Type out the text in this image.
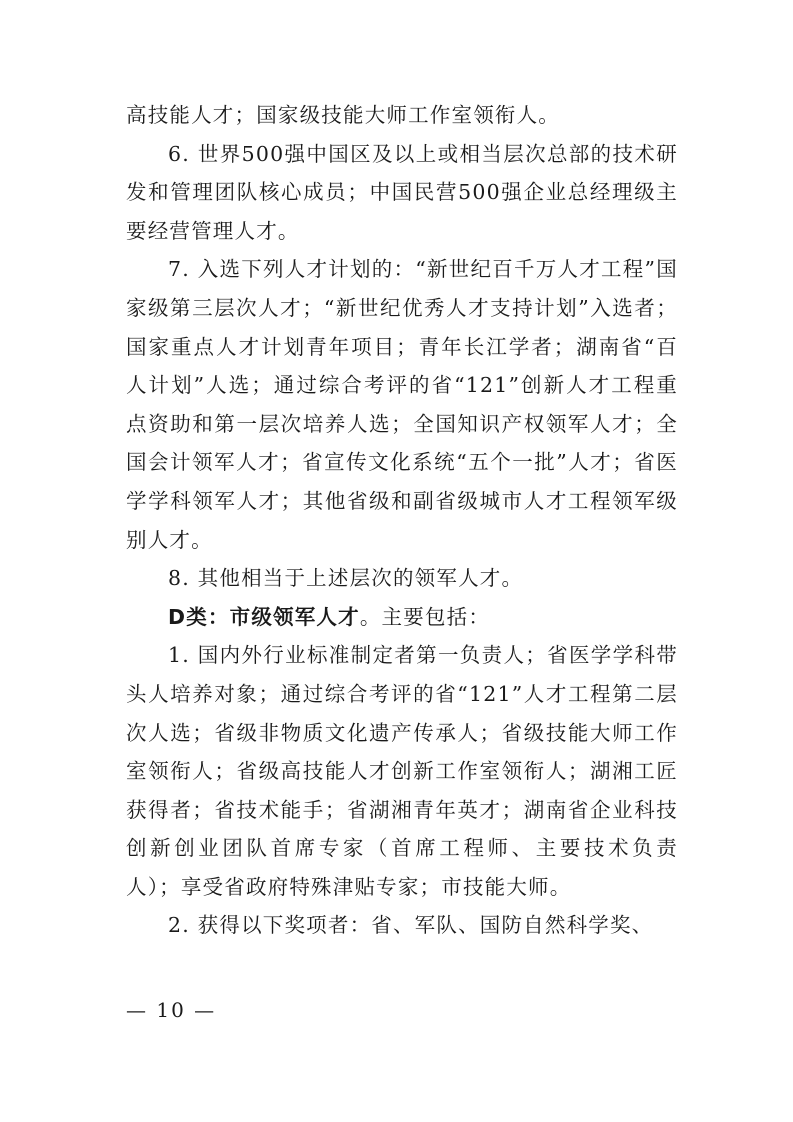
高技能人才；国家级技能大师工作室领衔人。

6. 世界500强中国区及以上或相当层次总部的技术研发和管理团队核心成员；中国民营500强企业总经理级主要经营管理人才。

7. 入选下列人才计划的：“新世纪百千万人才工程”国家级第三层次人才；“新世纪优秀人才支持计划”入选者；国家重点人才计划青年项目；青年长江学者；湖南省“百人计划”人选；通过综合考评的省“121”创新人才工程重点资助和第一层次培养人选；全国知识产权领军人才；全国会计领军人才；省宣传文化系统“五个一批”人才；省医学学科领军人才；其他省级和副省级城市人才工程领军级别人才。

8. 其他相当于上述层次的领军人才。

D类：市级领军人才。主要包括：

1. 国内外行业标准制定者第一负责人；省医学学科带头人培养对象；通过综合考评的省“121”人才工程第二层次人选；省级非物质文化遗产传承人；省级技能大师工作室领衔人；省级高技能人才创新工作室领衔人；湖湘工匠获得者；省技术能手；省湖湘青年英才；湖南省企业科技创新创业团队首席专家（首席工程师、主要技术负责人）；享受省政府特殊津贴专家；市技能大师。

2. 获得以下奖项者：省、军队、国防自然科学奖、

— 10 —
